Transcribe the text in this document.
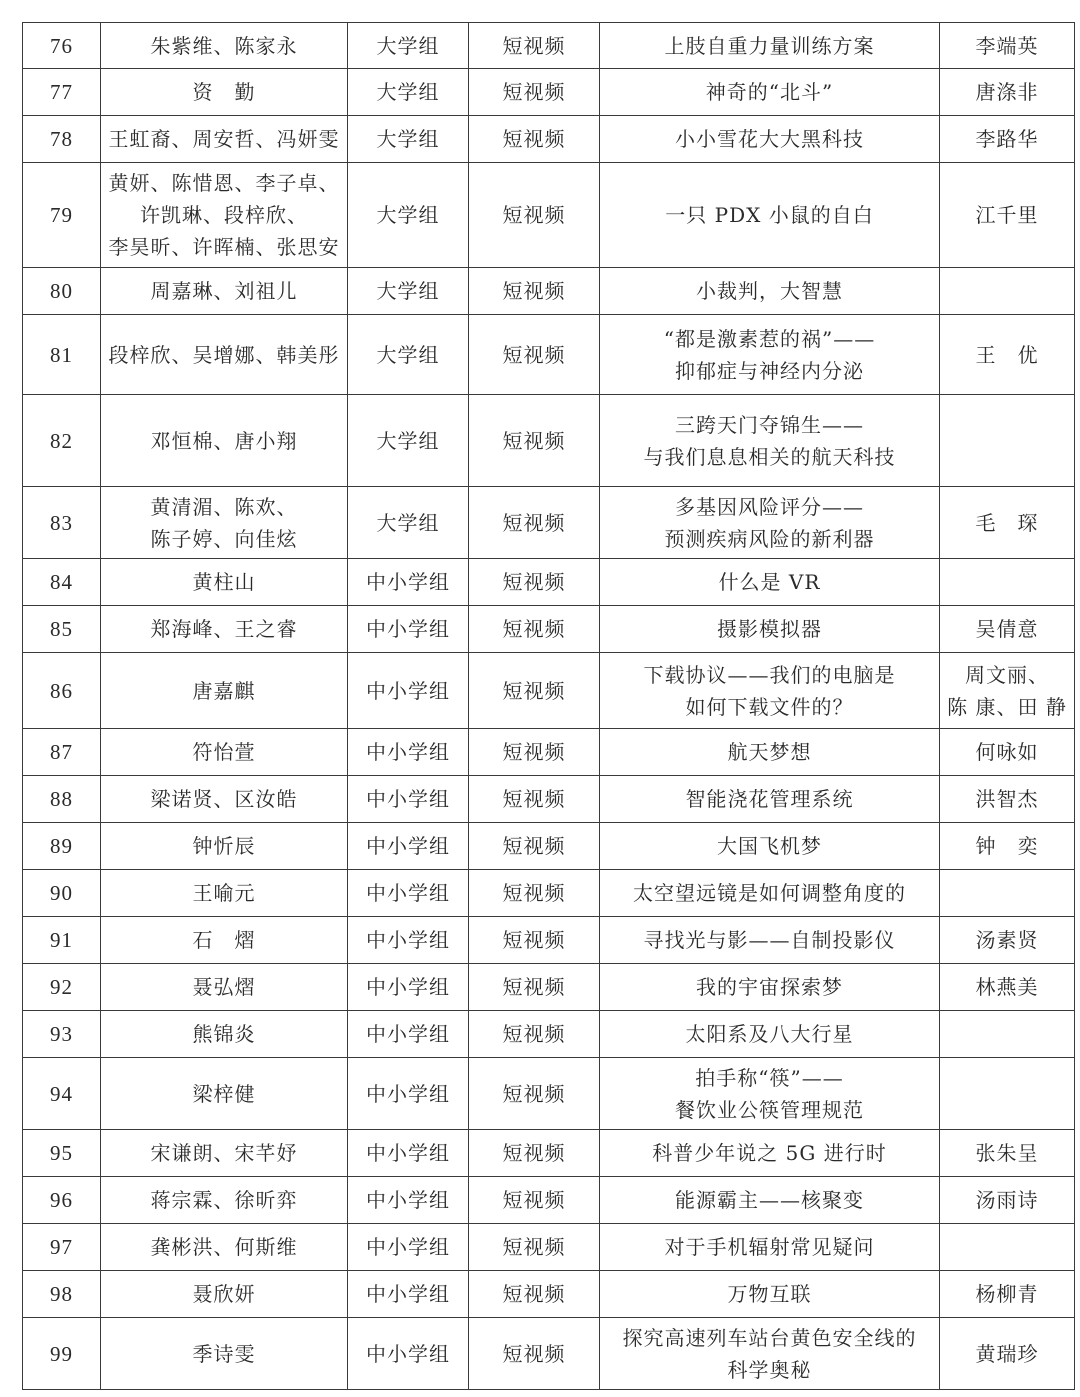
76	朱紫维、陈家永	大学组	短视频	上肢自重力量训练方案	李端英

77	资　勤	大学组	短视频	神奇的“北斗”	唐涤非

78	王虹裔、周安哲、冯妍雯	大学组	短视频	小小雪花大大黑科技	李路华

79	黄妍、陈惜恩、李子卓、
许凯琳、段梓欣、
李昊昕、许晖楠、张思安	大学组	短视频	一只 PDX 小鼠的自白	江千里

80	周嘉琳、刘祖儿	大学组	短视频	小裁判，大智慧	

81	段梓欣、吴增娜、韩美彤	大学组	短视频	“都是激素惹的祸”——
抑郁症与神经内分泌	王　优

82	邓恒棉、唐小翔	大学组	短视频	三跨天门夺锦生——
与我们息息相关的航天科技	

83	黄清湄、陈欢、
陈子婷、向佳炫	大学组	短视频	多基因风险评分——
预测疾病风险的新利器	毛　琛

84	黄柱山	中小学组	短视频	什么是 VR	

85	郑海峰、王之睿	中小学组	短视频	摄影模拟器	吴倩意

86	唐嘉麒	中小学组	短视频	下载协议——我们的电脑是
如何下载文件的？	周文丽、
陈 康、田 静

87	符怡萱	中小学组	短视频	航天梦想	何咏如

88	梁诺贤、区汝皓	中小学组	短视频	智能浇花管理系统	洪智杰

89	钟忻辰	中小学组	短视频	大国飞机梦	钟　奕

90	王喻元	中小学组	短视频	太空望远镜是如何调整角度的	

91	石　熠	中小学组	短视频	寻找光与影——自制投影仪	汤素贤

92	聂弘熠	中小学组	短视频	我的宇宙探索梦	林燕美

93	熊锦炎	中小学组	短视频	太阳系及八大行星	

94	梁梓健	中小学组	短视频	拍手称“筷”——
餐饮业公筷管理规范	

95	宋谦朗、宋芊妤	中小学组	短视频	科普少年说之 5G 进行时	张朱呈

96	蒋宗霖、徐昕弈	中小学组	短视频	能源霸主——核聚变	汤雨诗

97	龚彬洪、何斯维	中小学组	短视频	对于手机辐射常见疑问	

98	聂欣妍	中小学组	短视频	万物互联	杨柳青

99	季诗雯	中小学组	短视频	探究高速列车站台黄色安全线的
科学奥秘	黄瑞珍
